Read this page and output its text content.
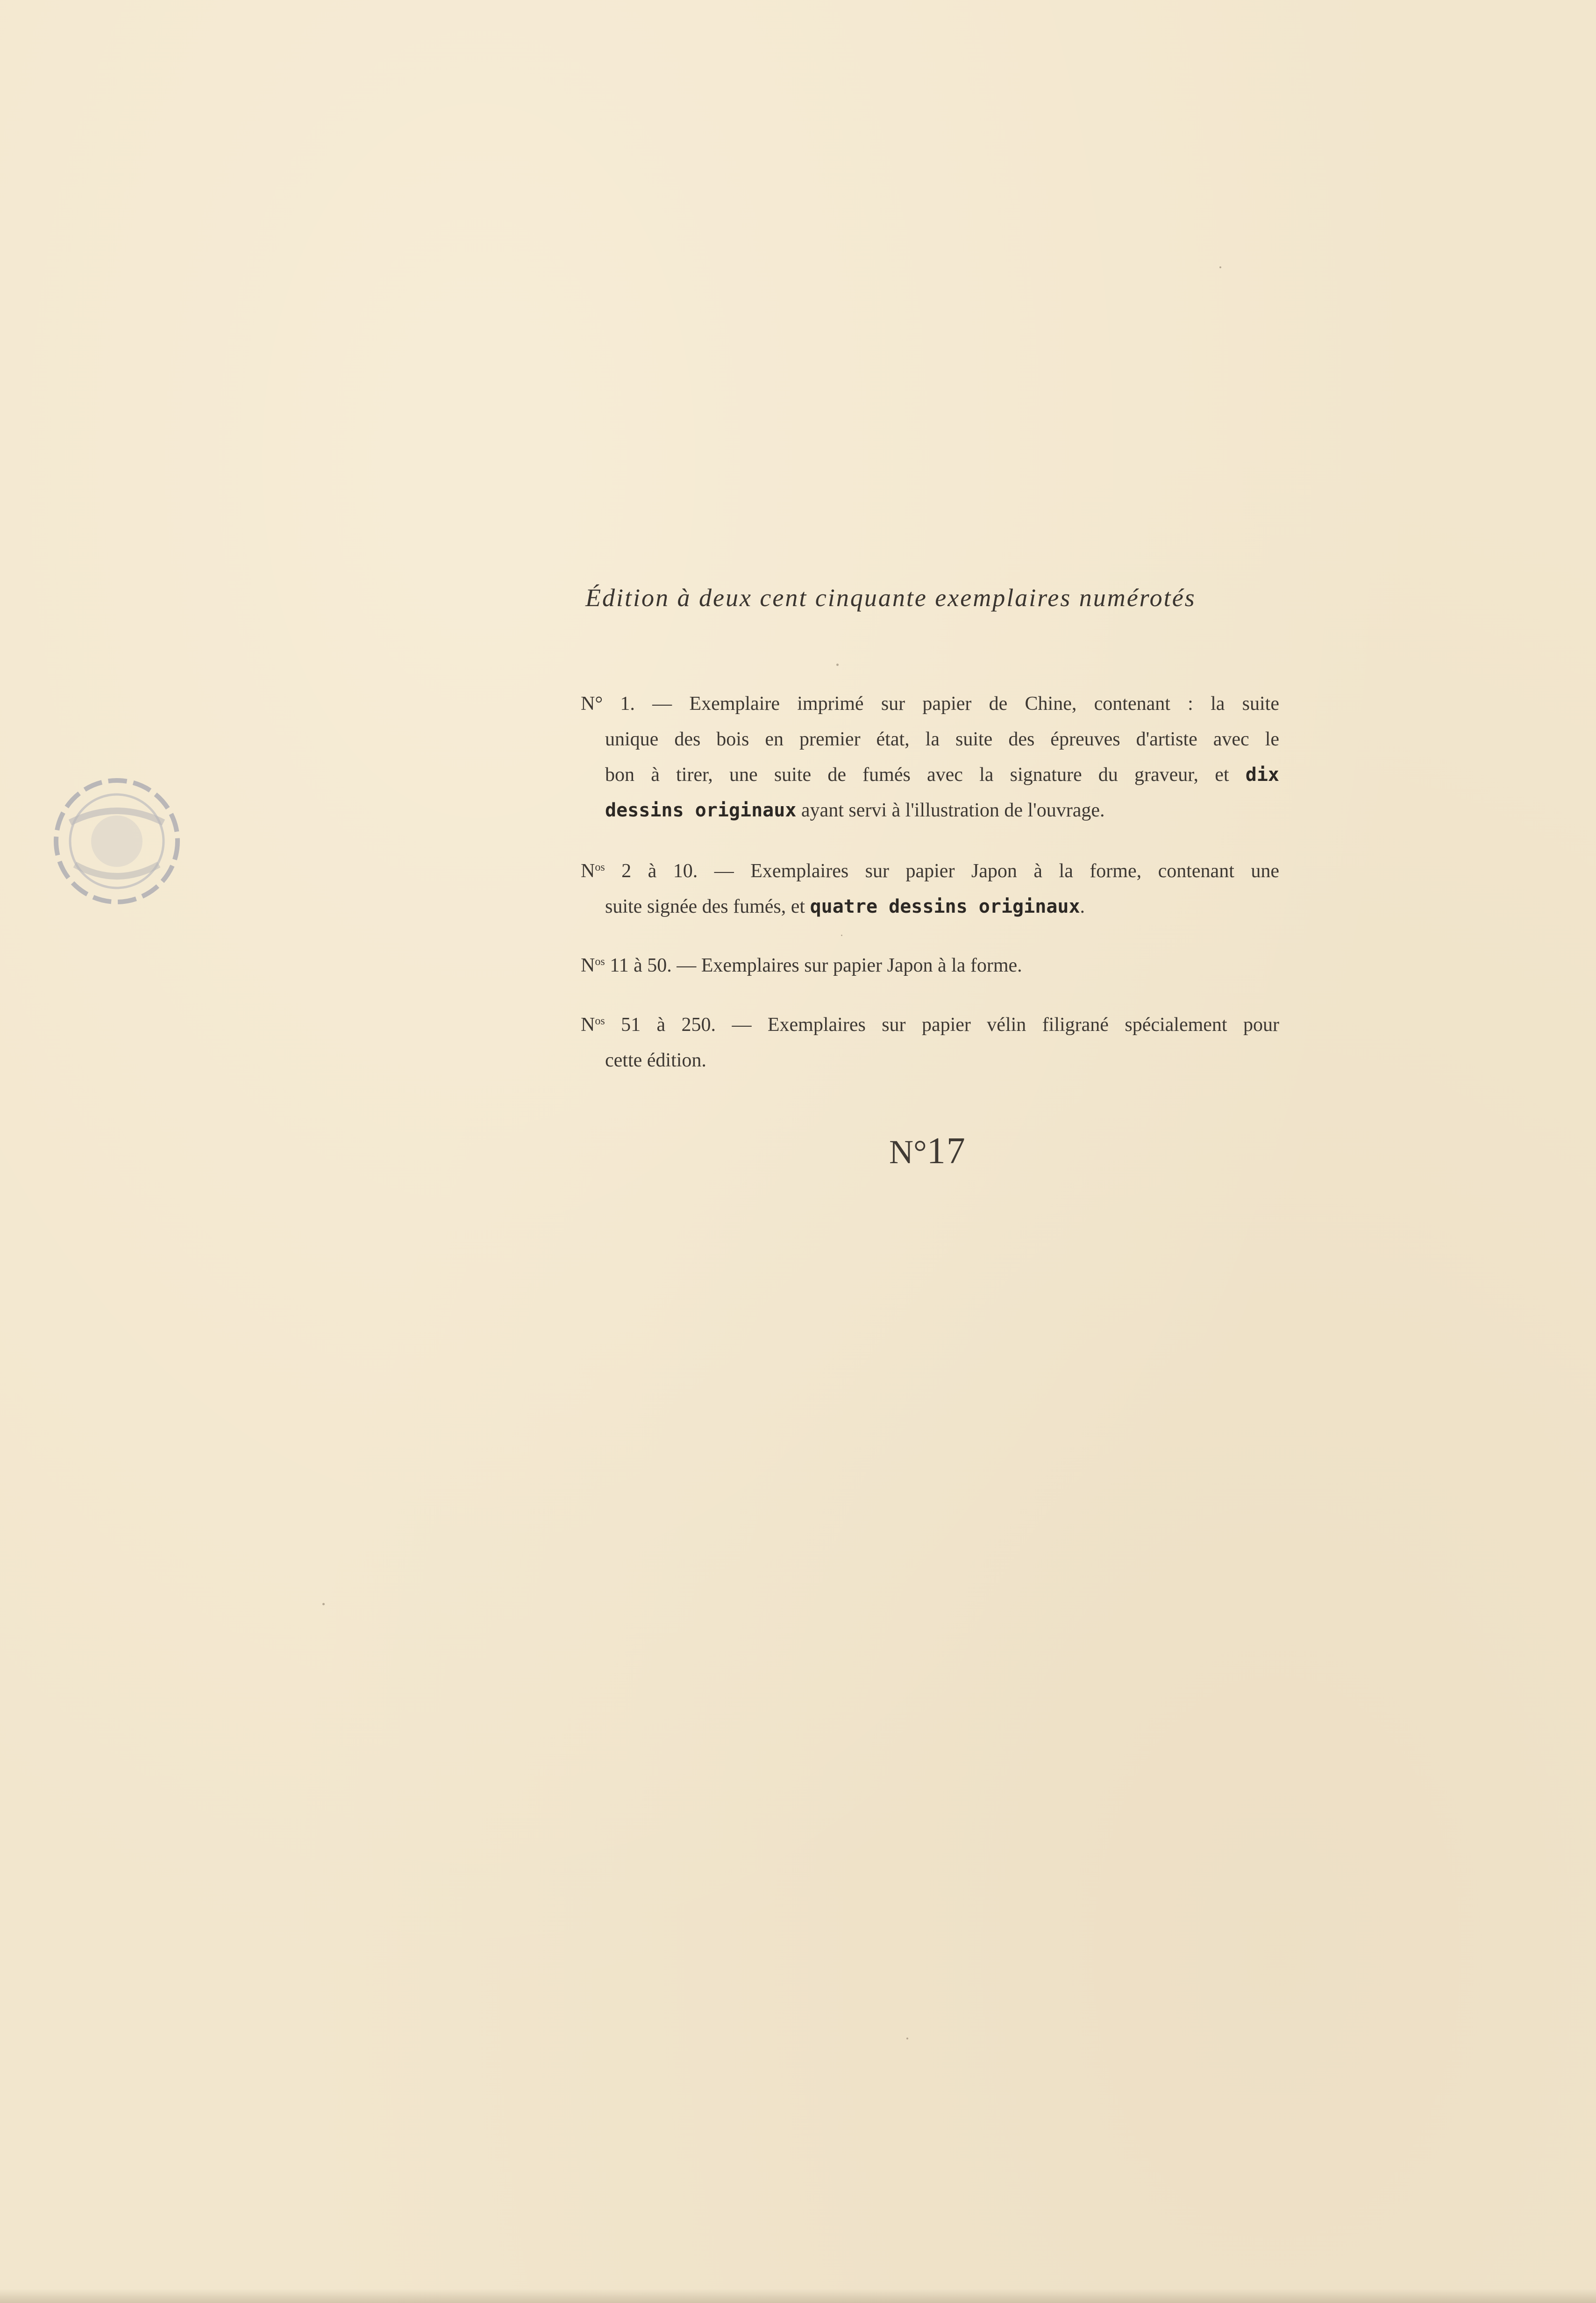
Édition à deux cent cinquante exemplaires numérotés
N° 1. — Exemplaire imprimé sur papier de Chine, contenant : la suite
unique des bois en premier état, la suite des épreuves d'artiste avec le
bon à tirer, une suite de fumés avec la signature du graveur, et dix
dessins originaux ayant servi à l'illustration de l'ouvrage.
$N^{os}$ 2 à 10. — Exemplaires sur papier Japon à la forme, contenant une
suite signée des fumés, et quatre dessins originaux.
$N^{os}$ 11 à 50. — Exemplaires sur papier Japon à la forme.
$N^{os}$ 51 à 250. — Exemplaires sur papier vélin filigrané spécialement pour
cette édition.
N°17
